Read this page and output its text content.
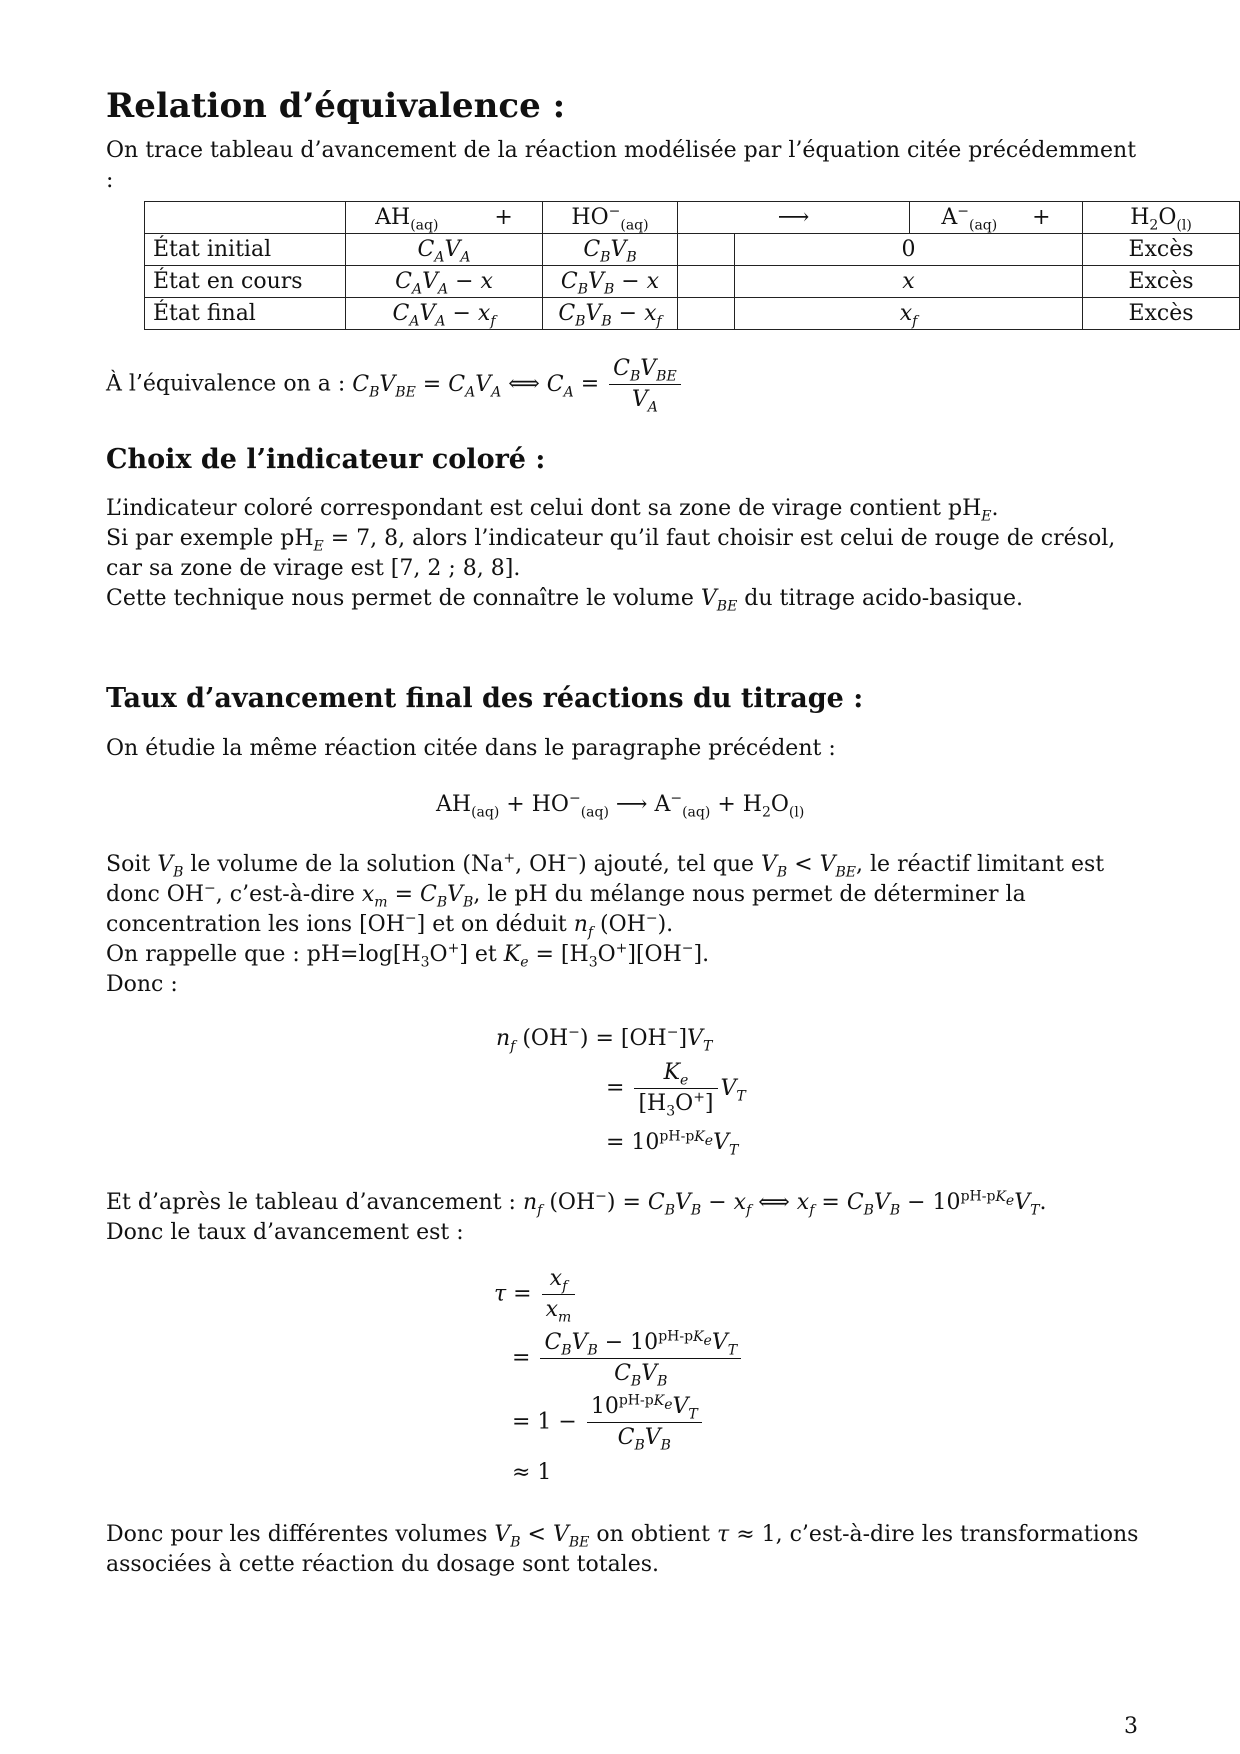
Relation d’équivalence :

On trace tableau d’avancement de la réaction modélisée par l’équation citée précédemment :

	$AH_{(aq)}$        +	$HO^-_{(aq)}$	⟶		$A^-_{(aq)}$     +	$H_2O_{(l)}$
État initial	$C_AV_A$	$C_BV_B$		0		Excès
État en cours	$C_AV_A - x$	$C_BV_B - x$		x		Excès
État final	$C_AV_A - x_f$	$C_BV_B - x_f$		$x_f$		Excès
À l’équivalence on a : $C_BV_{BE} = C_AV_A$ ⟺ $C_A = \frac{C_BV_{BE}}{V_A}$
Choix de l’indicateur coloré :

L’indicateur coloré correspondant est celui dont sa zone de virage contient $pH_E$.

Si par exemple $pH_E = 7$, 8, alors l’indicateur qu’il faut choisir est celui de rouge de crésol, car sa zone de virage est [7, 2 ; 8, 8].

Cette technique nous permet de connaître le volume $V_{BE}$ du titrage acido-basique.

Taux d’avancement final des réactions du titrage :

On étudie la même réaction citée dans le paragraphe précédent :

$AH_{(aq)} + HO^-_{(aq)}$ ⟶ $A^-_{(aq)} + H_2O_{(l)}$

Soit $V_B$ le volume de la solution (Na+, OH−) ajouté, tel que $V_B < V_{BE}$, le réactif limitant est donc OH−, c’est-à-dire $x_m = C_BV_B$, le pH du mélange nous permet de déterminer la concentration les ions [OH−] et on déduit $n_f$ (OH−).

On rappelle que : $pH=\log[H_3O^+]$ et $K_e = [H_3O^+][OH^-]$.

Donc :

$n_f$ $(OH^-) = [OH^-]V_T$
= $\frac{K_e}{[H_3O^+]} V_T$
= $10^{pH-pK_e}V_T$

Et d’après le tableau d’avancement : $n_f$ $(OH^-) = C_BV_B - x_f$ ⟺ $x_f = C_BV_B - 10^{pH-pK_e}V_T$.

Donc le taux d’avancement est :

$\tau = \frac{x_f}{x_m}$
= $\frac{C_BV_B - 10^{pH-pK_e}V_T}{C_BV_B}$
= $1 - \frac{10^{pH-pK_e}V_T}{C_BV_B}$
≈ 1

Donc pour les différentes volumes $V_B < V_{BE}$ on obtient τ ≈ 1, c’est-à-dire les transformations associées à cette réaction du dosage sont totales.

3
